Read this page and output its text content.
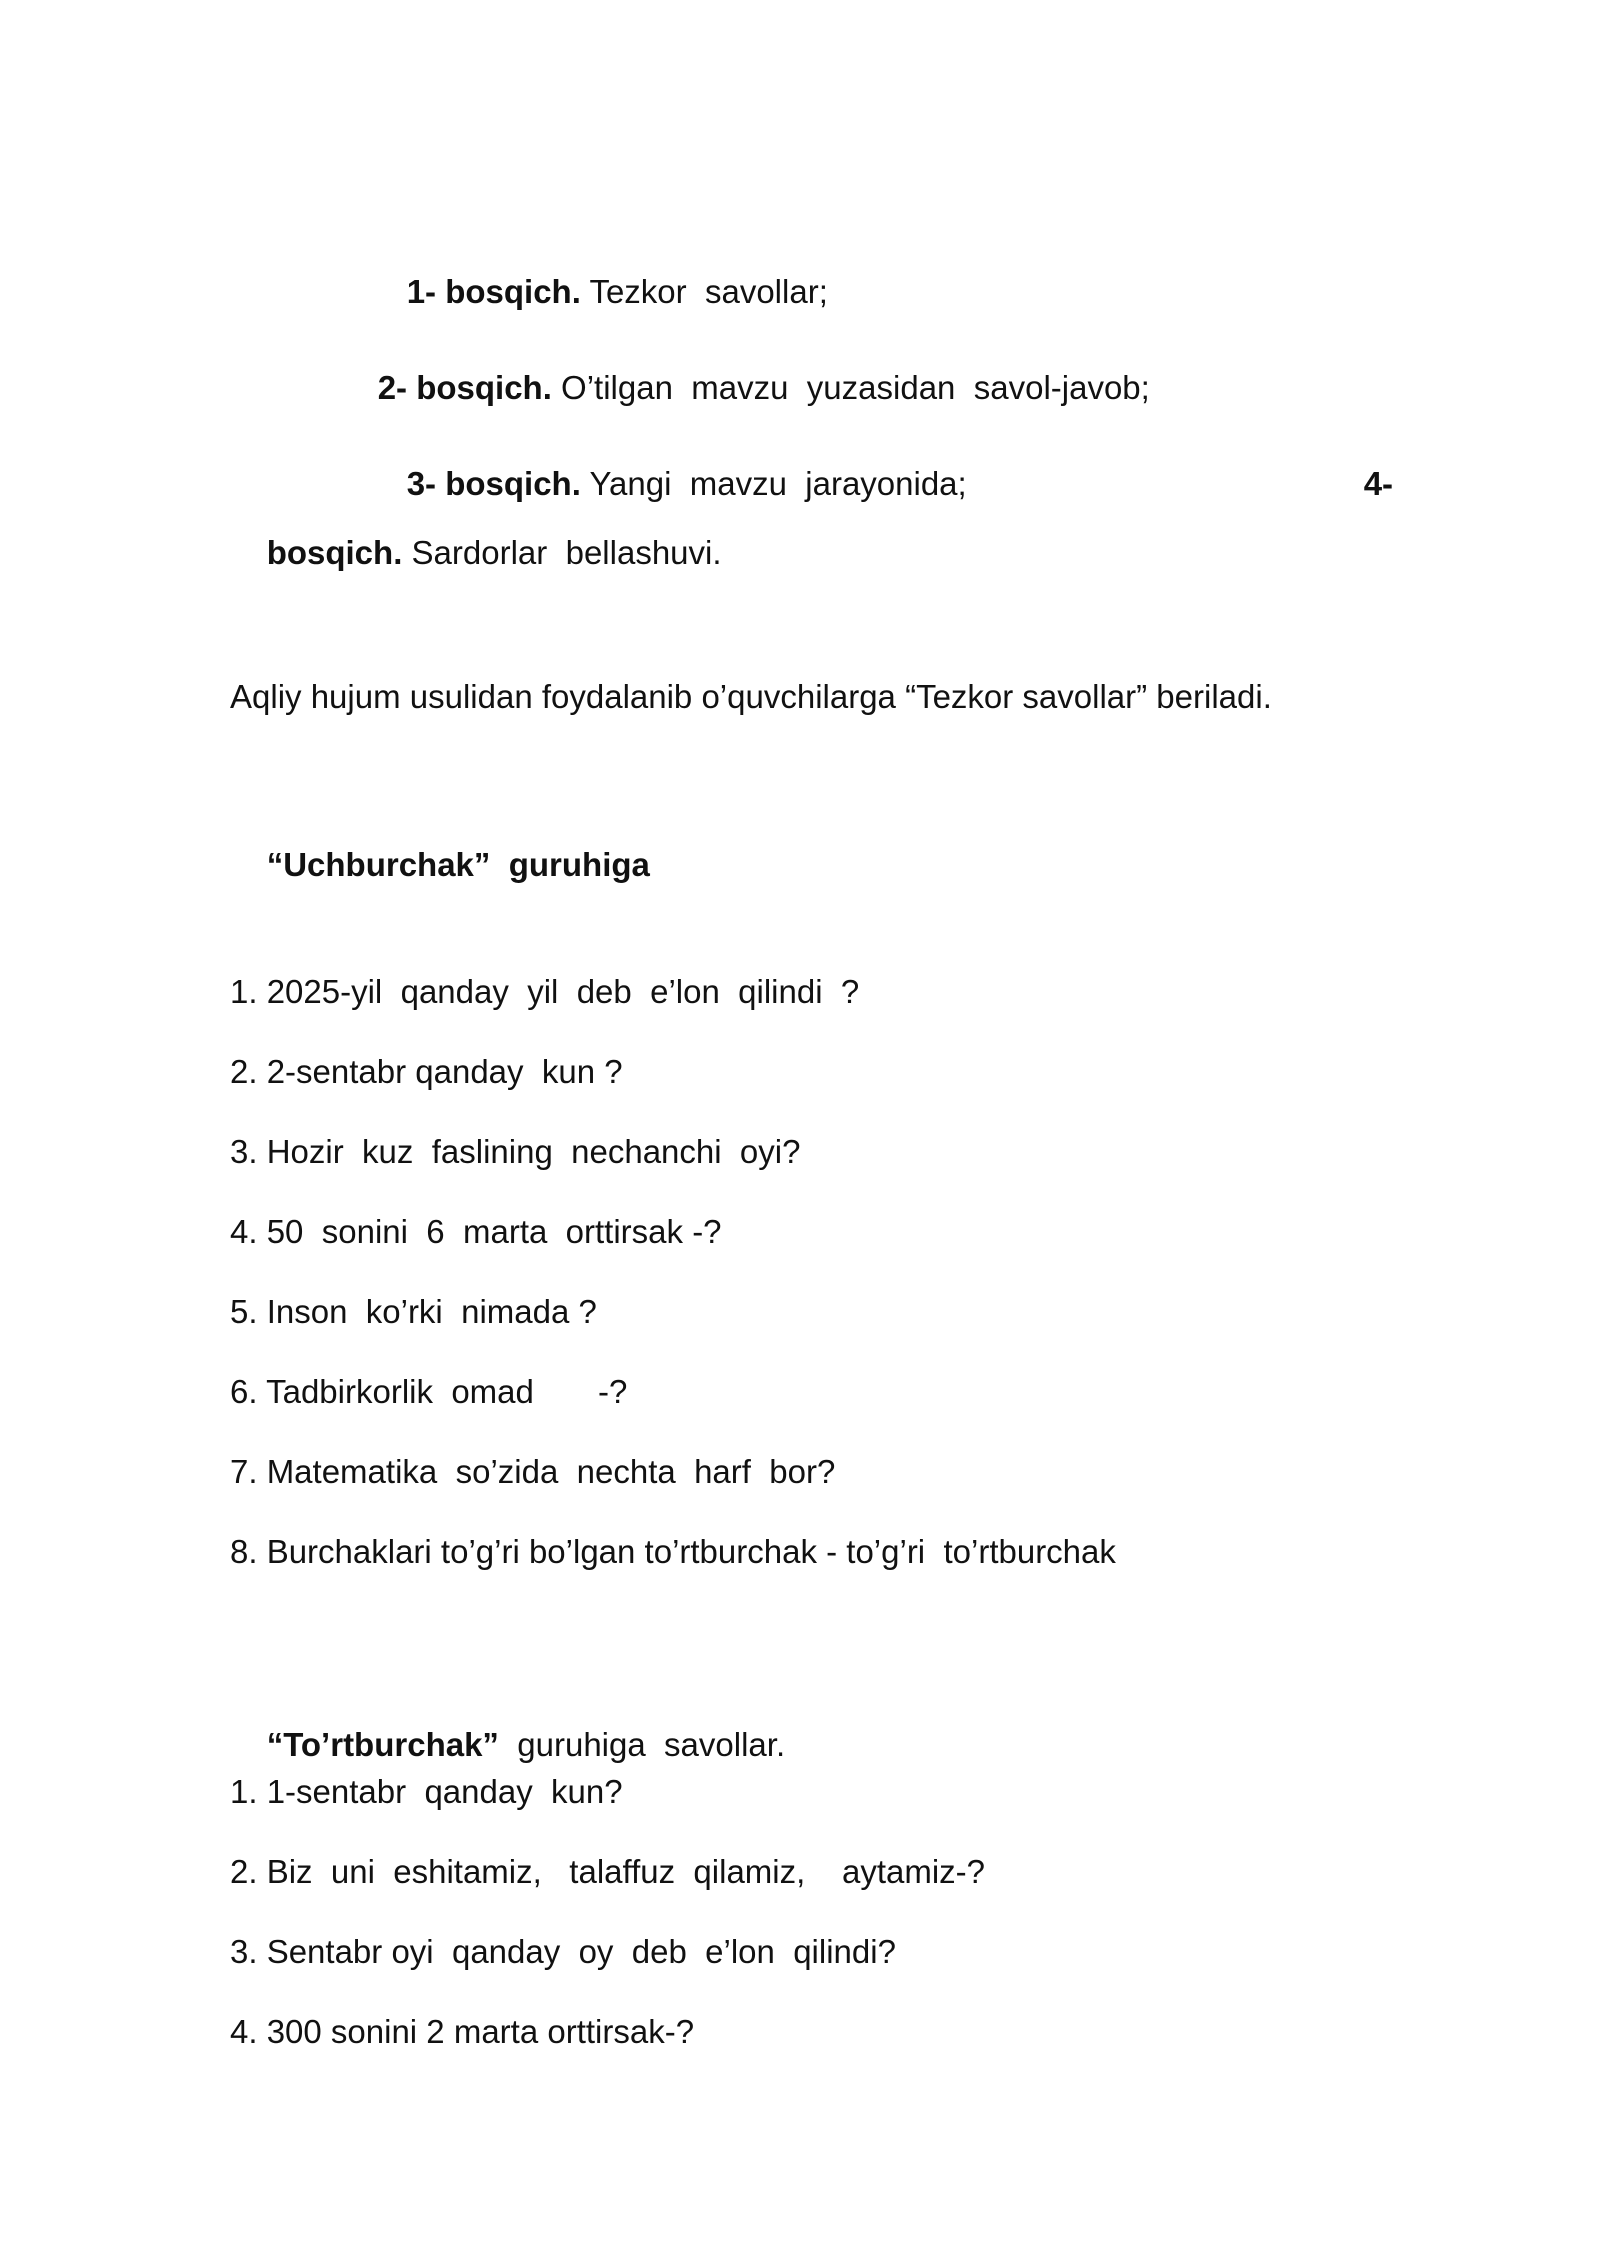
1- bosqich. Tezkor  savollar;

2- bosqich. O’tilgan  mavzu  yuzasidan  savol-javob;

3- bosqich. Yangi  mavzu  jarayonida;
	4-

bosqich. Sardorlar  bellashuvi.

Aqliy hujum usulidan foydalanib o’quvchilarga “Tezkor savollar” beriladi.

“Uchburchak”  guruhiga

1. 2025-yil  qanday  yil  deb  e’lon  qilindi  ?
2. 2-sentabr qanday  kun ?
3. Hozir  kuz  faslining  nechanchi  oyi?
4. 50  sonini  6  marta  orttirsak -?
5. Inson  ko’rki  nimada ?
6. Tadbirkorlik  omad       -?
7. Matematika  so’zida  nechta  harf  bor?
8. Burchaklari to’g’ri bo’lgan to’rtburchak - to’g’ri  to’rtburchak

“To’rtburchak”  guruhiga  savollar.

1. 1-sentabr  qanday  kun?
2. Biz  uni  eshitamiz,   talaffuz  qilamiz,    aytamiz-?
3. Sentabr oyi  qanday  oy  deb  e’lon  qilindi?
4. 300 sonini 2 marta orttirsak-?
